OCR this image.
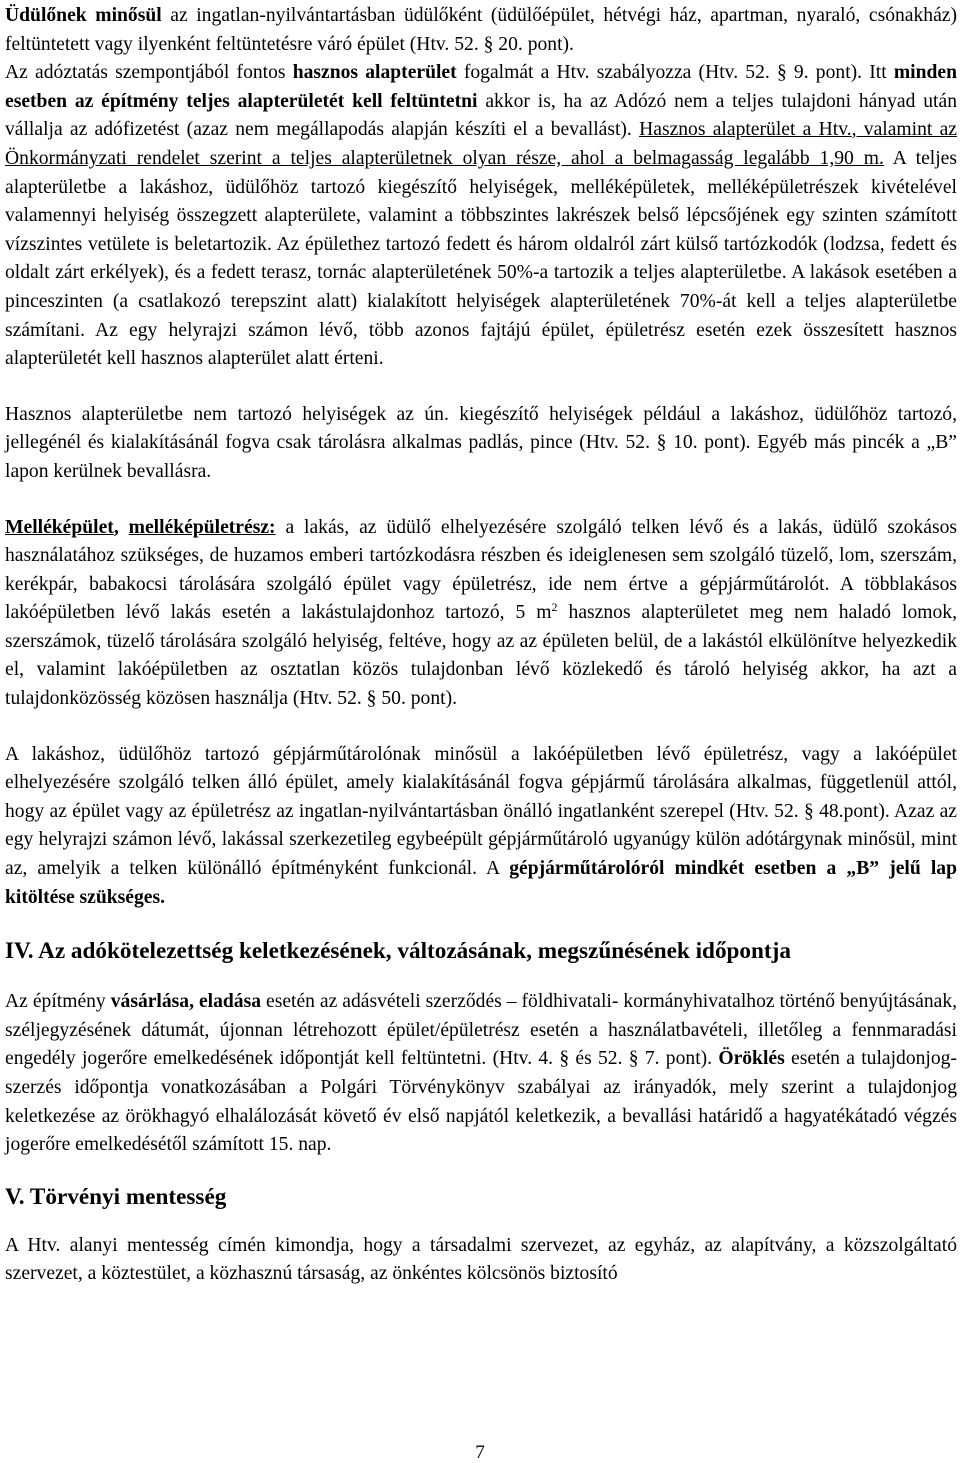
Üdülőnek minősül az ingatlan-nyilvántartásban üdülőként (üdülőépület, hétvégi ház, apartman, nyaraló, csónakház) feltüntetett vagy ilyenként feltüntetésre váró épület (Htv. 52. § 20. pont).

Az adóztatás szempontjából fontos hasznos alapterület fogalmát a Htv. szabályozza (Htv. 52. § 9. pont). Itt minden esetben az építmény teljes alapterületét kell feltüntetni akkor is, ha az Adózó nem a teljes tulajdoni hányad után vállalja az adófizetést (azaz nem megállapodás alapján készíti el a bevallást). Hasznos alapterület a Htv., valamint az Önkormányzati rendelet szerint a teljes alapterületnek olyan része, ahol a belmagasság legalább 1,90 m. A teljes alapterületbe a lakáshoz, üdülőhöz tartozó kiegészítő helyiségek, melléképületek, melléképületrészek kivételével valamennyi helyiség összegzett alapterülete, valamint a többszintes lakrészek belső lépcsőjének egy szinten számított vízszintes vetülete is beletartozik. Az épülethez tartozó fedett és három oldalról zárt külső tartózkodók (lodzsa, fedett és oldalt zárt erkélyek), és a fedett terasz, tornác alapterületének 50%-a tartozik a teljes alapterületbe. A lakások esetében a pinceszinten (a csatlakozó terepszint alatt) kialakított helyiségek alapterületének 70%-át kell a teljes alapterületbe számítani. Az egy helyrajzi számon lévő, több azonos fajtájú épület, épületrész esetén ezek összesített hasznos alapterületét kell hasznos alapterület alatt érteni.

Hasznos alapterületbe nem tartozó helyiségek az ún. kiegészítő helyiségek például a lakáshoz, üdülőhöz tartozó, jellegénél és kialakításánál fogva csak tárolásra alkalmas padlás, pince (Htv. 52. § 10. pont). Egyéb más pincék a „B” lapon kerülnek bevallásra.

Melléképület, melléképületrész: a lakás, az üdülő elhelyezésére szolgáló telken lévő és a lakás, üdülő szokásos használatához szükséges, de huzamos emberi tartózkodásra részben és ideiglenesen sem szolgáló tüzelő, lom, szerszám, kerékpár, babakocsi tárolására szolgáló épület vagy épületrész, ide nem értve a gépjárműtárolót. A többlakásos lakóépületben lévő lakás esetén a lakástulajdonhoz tartozó, 5 $m^2$ hasznos alapterületet meg nem haladó lomok, szerszámok, tüzelő tárolására szolgáló helyiség, feltéve, hogy az az épületen belül, de a lakástól elkülönítve helyezkedik el, valamint lakóépületben az osztatlan közös tulajdonban lévő közlekedő és tároló helyiség akkor, ha azt a tulajdonközösség közösen használja (Htv. 52. § 50. pont).

A lakáshoz, üdülőhöz tartozó gépjárműtárolónak minősül a lakóépületben lévő épületrész, vagy a lakóépület elhelyezésére szolgáló telken álló épület, amely kialakításánál fogva gépjármű tárolására alkalmas, függetlenül attól, hogy az épület vagy az épületrész az ingatlan-nyilvántartásban önálló ingatlanként szerepel (Htv. 52. § 48.pont). Azaz az egy helyrajzi számon lévő, lakással szerkezetileg egybeépült gépjárműtároló ugyanúgy külön adótárgynak minősül, mint az, amelyik a telken különálló építményként funkcionál. A gépjárműtárolóról mindkét esetben a „B” jelű lap kitöltése szükséges.

IV. Az adókötelezettség keletkezésének, változásának, megszűnésének időpontja

Az építmény vásárlása, eladása esetén az adásvételi szerződés – földhivatali- kormányhivatalhoz történő benyújtásának, széljegyzésének dátumát, újonnan létrehozott épület/épületrész esetén a használatbavételi, illetőleg a fennmaradási engedély jogerőre emelkedésének időpontját kell feltüntetni. (Htv. 4. § és 52. § 7. pont). Öröklés esetén a tulajdonjog-szerzés időpontja vonatkozásában a Polgári Törvénykönyv szabályai az irányadók, mely szerint a tulajdonjog keletkezése az örökhagyó elhalálozását követő év első napjától keletkezik, a bevallási határidő a hagyatékátadó végzés jogerőre emelkedésétől számított 15. nap.

V. Törvényi mentesség

A Htv. alanyi mentesség címén kimondja, hogy a társadalmi szervezet, az egyház, az alapítvány, a közszolgáltató szervezet, a köztestület, a közhasznú társaság, az önkéntes kölcsönös biztosító

7
